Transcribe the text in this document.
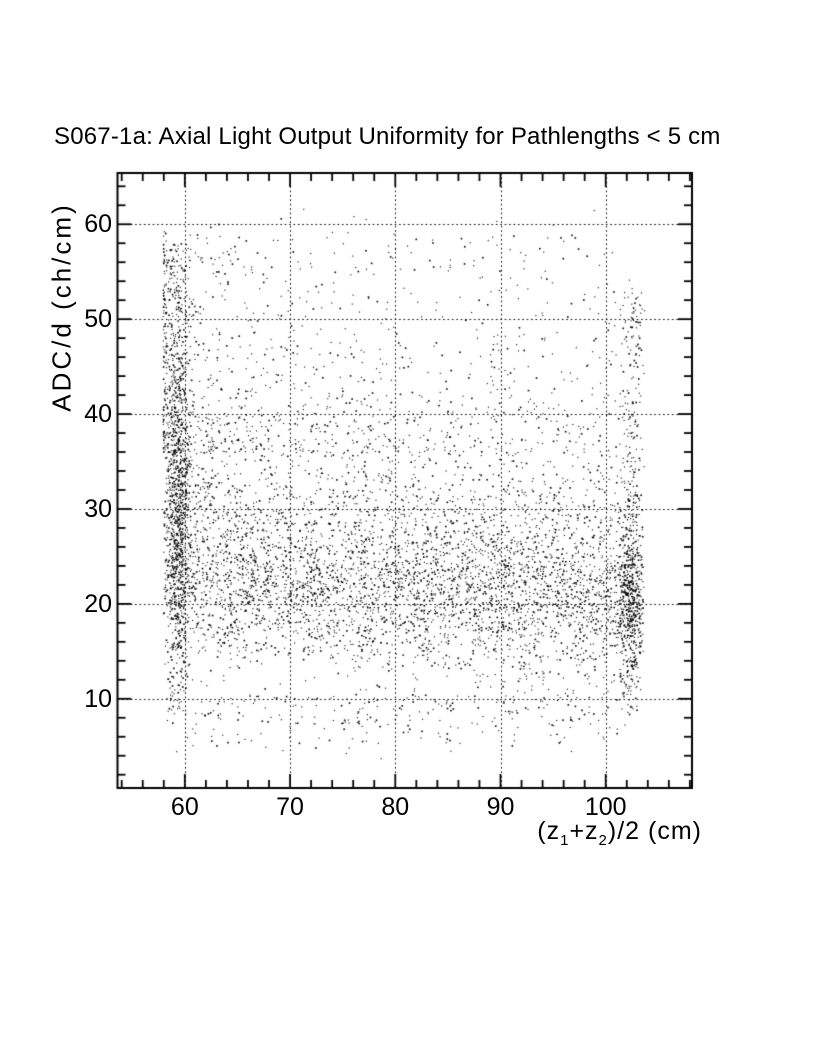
S067-1a: Axial Light Output Uniformity for Pathlengths < 5 cm
ADC/d (ch/cm)
$(z_1+z_2)/2$ (cm)
60	70	80	90	100
10
20
30
40
50
60
